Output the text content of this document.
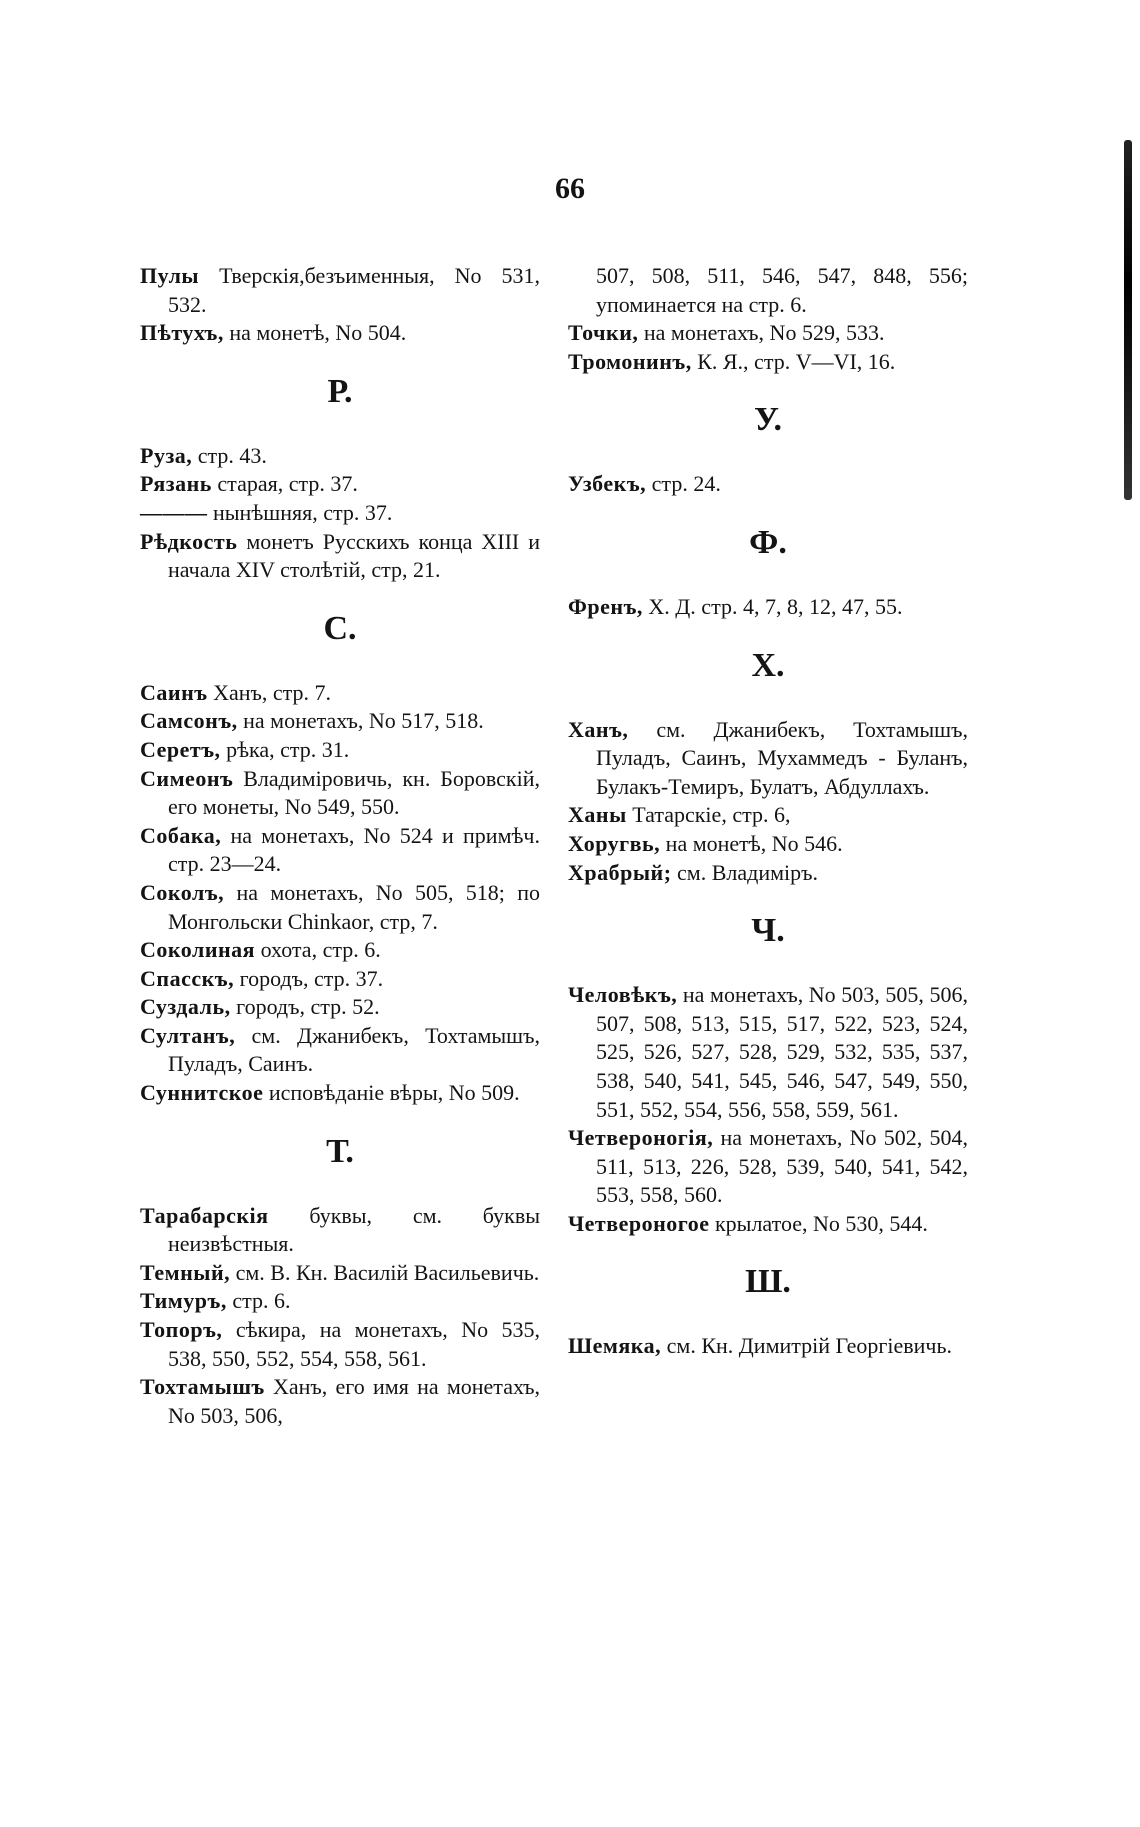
66

Пулы Тверскія,безъименныя, No 531, 532.

Пѣтухъ, на монетѣ, No 504.

Р.

Руза, стр. 43.

Рязань старая, стр. 37.

——— нынѣшняя, стр. 37.

Рѣдкость монетъ Русскихъ конца XIII и начала XIV столѣтій, стр, 21.

С.

Саинъ Ханъ, стр. 7.

Самсонъ, на монетахъ, No 517, 518.

Серетъ, рѣка, стр. 31.

Симеонъ Владиміровичь, кн. Боровскій, его монеты, No 549, 550.

Собака, на монетахъ, No 524 и примѣч. стр. 23—24.

Соколъ, на монетахъ, No 505, 518; по Монгольски Chinkaor, стр, 7.

Соколиная охота, стр. 6.

Спасскъ, городъ, стр. 37.

Суздаль, городъ, стр. 52.

Султанъ, см. Джанибекъ, Тохтамышъ, Пуладъ, Саинъ.

Суннитское исповѣданіе вѣры, No 509.

Т.

Тарабарскія буквы, см. буквы неизвѣстныя.

Темный, см. В. Кн. Василій Васильевичь.

Тимуръ, стр. 6.

Топоръ, сѣкира, на монетахъ, No 535, 538, 550, 552, 554, 558, 561.

Тохтамышъ Ханъ, его имя на монетахъ, No 503, 506,

507, 508, 511, 546, 547, 848, 556; упоминается на стр. 6.

Точки, на монетахъ, No 529, 533.

Тромонинъ, К. Я., стр. V—VI, 16.

У.

Узбекъ, стр. 24.

Ф.

Френъ, Х. Д. стр. 4, 7, 8, 12, 47, 55.

Х.

Ханъ, см. Джанибекъ, Тохтамышъ, Пуладъ, Саинъ, Мухаммедъ - Буланъ, Булакъ-Темиръ, Булатъ, Абдуллахъ.

Ханы Татарскіе, стр. 6,

Хоругвь, на монетѣ, No 546.

Храбрый; см. Владиміръ.

Ч.

Человѣкъ, на монетахъ, No 503, 505, 506, 507, 508, 513, 515, 517, 522, 523, 524, 525, 526, 527, 528, 529, 532, 535, 537, 538, 540, 541, 545, 546, 547, 549, 550, 551, 552, 554, 556, 558, 559, 561.

Четвероногія, на монетахъ, No 502, 504, 511, 513, 226, 528, 539, 540, 541, 542, 553, 558, 560.

Четвероногое крылатое, No 530, 544.

Ш.

Шемяка, см. Кн. Димитрій Георгіевичь.
